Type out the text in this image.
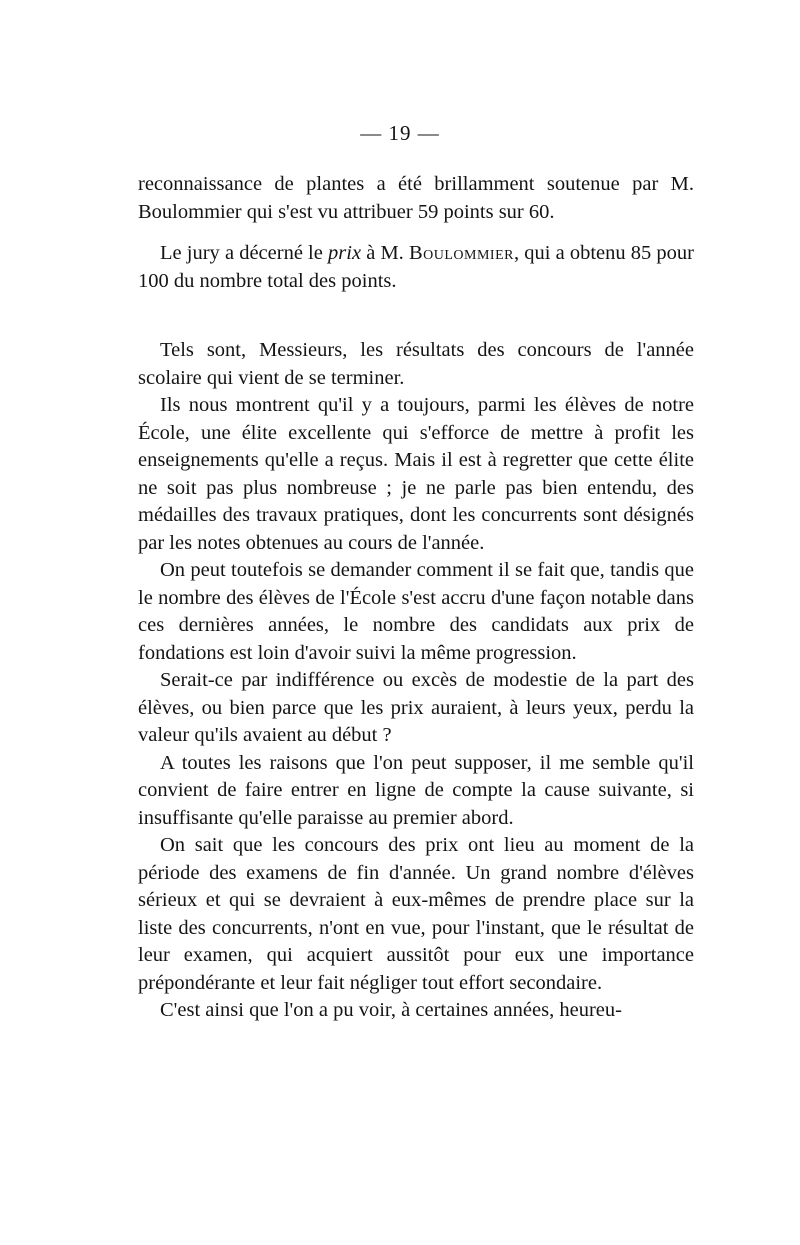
— 19 —

reconnaissance de plantes a été brillamment soutenue par M. Boulommier qui s'est vu attribuer 59 points sur 60.

Le jury a décerné le prix à M. Boulommier, qui a obtenu 85 pour 100 du nombre total des points.

Tels sont, Messieurs, les résultats des concours de l'année scolaire qui vient de se terminer.

Ils nous montrent qu'il y a toujours, parmi les élèves de notre École, une élite excellente qui s'efforce de mettre à profit les enseignements qu'elle a reçus. Mais il est à regretter que cette élite ne soit pas plus nombreuse ; je ne parle pas bien entendu, des médailles des travaux pratiques, dont les concurrents sont désignés par les notes obtenues au cours de l'année.

On peut toutefois se demander comment il se fait que, tandis que le nombre des élèves de l'École s'est accru d'une façon notable dans ces dernières années, le nombre des candidats aux prix de fondations est loin d'avoir suivi la même progression.

Serait-ce par indifférence ou excès de modestie de la part des élèves, ou bien parce que les prix auraient, à leurs yeux, perdu la valeur qu'ils avaient au début ?

A toutes les raisons que l'on peut supposer, il me semble qu'il convient de faire entrer en ligne de compte la cause suivante, si insuffisante qu'elle paraisse au premier abord.

On sait que les concours des prix ont lieu au moment de la période des examens de fin d'année. Un grand nombre d'élèves sérieux et qui se devraient à eux-mêmes de prendre place sur la liste des concurrents, n'ont en vue, pour l'instant, que le résultat de leur examen, qui acquiert aussitôt pour eux une importance prépondérante et leur fait négliger tout effort secondaire.

C'est ainsi que l'on a pu voir, à certaines années, heureu-
